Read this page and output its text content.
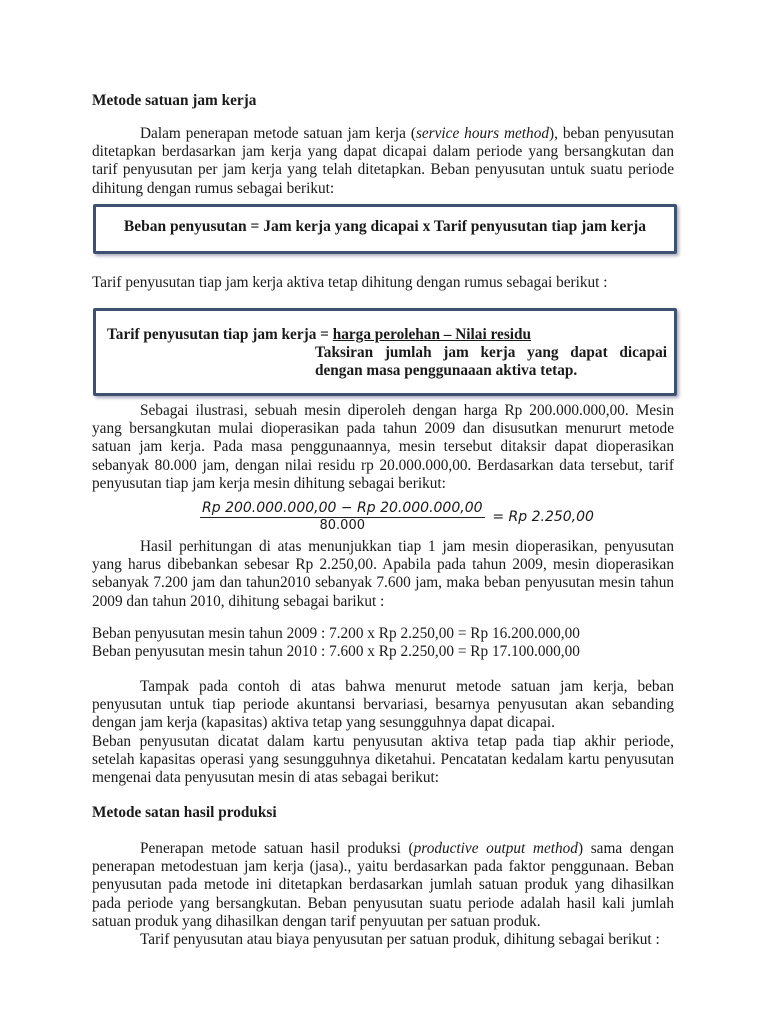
Metode satuan jam kerja
Dalam penerapan metode satuan jam kerja (service hours method), beban penyusutan
ditetapkan berdasarkan jam kerja yang dapat dicapai dalam periode yang bersangkutan dan
tarif penyusutan per jam kerja yang telah ditetapkan. Beban penyusutan untuk suatu periode
dihitung dengan rumus sebagai berikut:
Beban penyusutan = Jam kerja yang dicapai x Tarif penyusutan tiap jam kerja
Tarif penyusutan tiap jam kerja aktiva tetap dihitung dengan rumus sebagai berikut :
Tarif penyusutan tiap jam kerja = harga perolehan – Nilai residu
Taksiran jumlah jam kerja yang dapat dicapai
dengan masa penggunaaan aktiva tetap.
Sebagai ilustrasi, sebuah mesin diperoleh dengan harga Rp 200.000.000,00. Mesin
yang bersangkutan mulai dioperasikan pada tahun 2009 dan disusutkan menururt metode
satuan jam kerja. Pada masa penggunaannya, mesin tersebut ditaksir dapat dioperasikan
sebanyak 80.000 jam, dengan nilai residu rp 20.000.000,00. Berdasarkan data tersebut, tarif
penyusutan tiap jam kerja mesin dihitung sebagai berikut:
$\frac{Rp 200.000.000,00 - Rp 20.000.000,00}{80.000} = Rp$ 2.250,00
Hasil perhitungan di atas menunjukkan tiap 1 jam mesin dioperasikan, penyusutan
yang harus dibebankan sebesar Rp 2.250,00. Apabila pada tahun 2009, mesin dioperasikan
sebanyak 7.200 jam dan tahun2010 sebanyak 7.600 jam, maka beban penyusutan mesin tahun
2009 dan tahun 2010, dihitung sebagai barikut :
Beban penyusutan mesin tahun 2009 : 7.200 x Rp 2.250,00 = Rp 16.200.000,00
Beban penyusutan mesin tahun 2010 : 7.600 x Rp 2.250,00 = Rp 17.100.000,00
Tampak pada contoh di atas bahwa menurut metode satuan jam kerja, beban
penyusutan untuk tiap periode akuntansi bervariasi, besarnya penyusutan akan sebanding
dengan jam kerja (kapasitas) aktiva tetap yang sesungguhnya dapat dicapai.
Beban penyusutan dicatat dalam kartu penyusutan aktiva tetap pada tiap akhir periode,
setelah kapasitas operasi yang sesungguhnya diketahui. Pencatatan kedalam kartu penyusutan
mengenai data penyusutan mesin di atas sebagai berikut:
Metode satan hasil produksi
Penerapan metode satuan hasil produksi (productive output method) sama dengan
penerapan metodestuan jam kerja (jasa)., yaitu berdasarkan pada faktor penggunaan. Beban
penyusutan pada metode ini ditetapkan berdasarkan jumlah satuan produk yang dihasilkan
pada periode yang bersangkutan. Beban penyusutan suatu periode adalah hasil kali jumlah
satuan produk yang dihasilkan dengan tarif penyuutan per satuan produk.
Tarif penyusutan atau biaya penyusutan per satuan produk, dihitung sebagai berikut :
